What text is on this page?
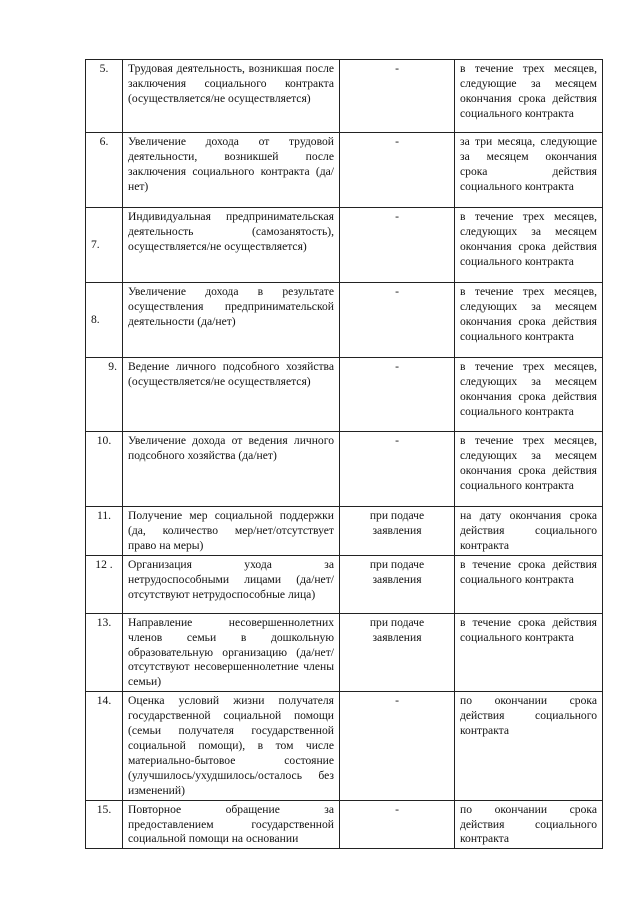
5.	Трудовая деятельность, возникшая после заключения социального контракта (осуществляется/не осуществляется)	-	в течение трех месяцев, следующие за месяцем окончания срока действия социального контракта
6.	Увеличение дохода от трудовой деятельности, возникшей после заключения социального контракта (да/нет)	-	за три месяца, следующие за месяцем окончания срока действия социального контракта
7.	Индивидуальная предпринимательская деятельность (самозанятость), осуществляется/не осуществляется)	-	в течение трех месяцев, следующих за месяцем окончания срока действия социального контракта
8.	Увеличение дохода в результате осуществления предпринимательской деятельности (да/нет)	-	в течение трех месяцев, следующих за месяцем окончания срока действия социального контракта
9.	Ведение личного подсобного хозяйства (осуществляется/не осуществляется)	-	в течение трех месяцев, следующих за месяцем окончания срока действия социального контракта
10.	Увеличение дохода от ведения личного подсобного хозяйства (да/нет)	-	в течение трех месяцев, следующих за месяцем окончания срока действия социального контракта
11.	Получение мер социальной поддержки (да, количество мер/нет/отсутствует право на меры)	при подаче заявления	на дату окончания срока действия социального контракта
12 .	Организация ухода за нетрудоспособными лицами (да/нет/отсутствуют нетрудоспособные лица)	при подаче заявления	в течение срока действия социального контракта
13.	Направление несовершеннолетних членов семьи в дошкольную образовательную организацию (да/нет/ отсутствуют несовершеннолетние члены семьи)	при подаче заявления	в течение срока действия социального контракта
14.	Оценка условий жизни получателя государственной социальной помощи (семьи получателя государственной социальной помощи), в том числе материально-бытовое состояние (улучшилось/ухудшилось/осталось без изменений)	-	по окончании срока действия социального контракта
15.	Повторное обращение за предоставлением государственной социальной помощи на основании	-	по окончании срока действия социального контракта
